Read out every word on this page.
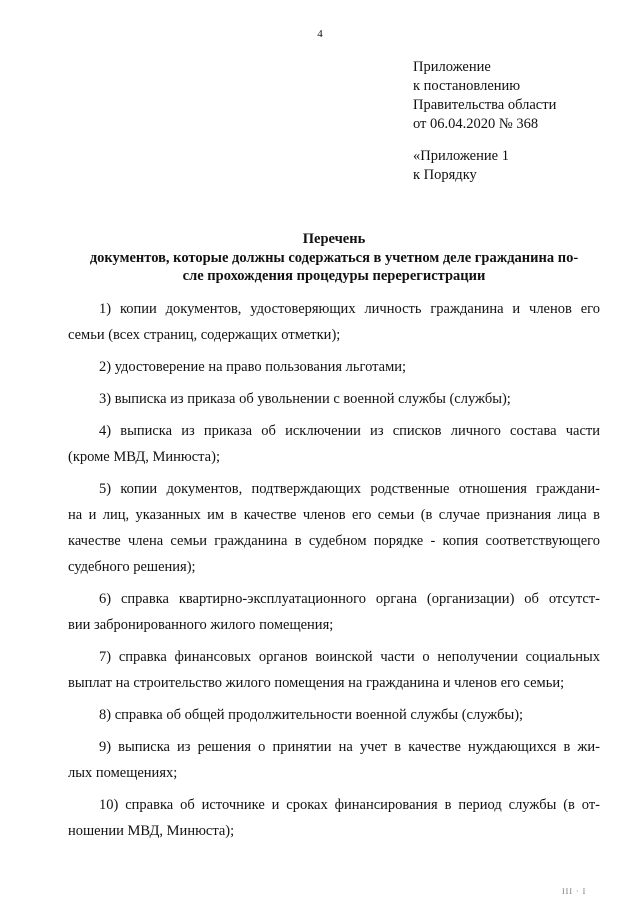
4
Приложение
к постановлению
Правительства области
от 06.04.2020 № 368
«Приложение 1
к Порядку
Перечень
документов, которые должны содержаться в учетном деле гражданина по-
сле прохождения процедуры перерегистрации
1) копии документов, удостоверяющих личность гражданина и членов его
семьи (всех страниц, содержащих отметки);
2) удостоверение на право пользования льготами;
3) выписка из приказа об увольнении с военной службы (службы);
4) выписка из приказа об исключении из списков личного состава части
(кроме МВД, Минюста);
5) копии документов, подтверждающих родственные отношения граждани-
на и лиц, указанных им в качестве членов его семьи (в случае признания лица в
качестве члена семьи гражданина в судебном порядке - копия соответствующего
судебного решения);
6) справка квартирно-эксплуатационного органа (организации) об отсутст-
вии забронированного жилого помещения;
7) справка финансовых органов воинской части о неполучении социальных
выплат на строительство жилого помещения на гражданина и членов его семьи;
8) справка об общей продолжительности военной службы (службы);
9) выписка из решения о принятии на учет в качестве нуждающихся в жи-
лых помещениях;
10) справка об источнике и сроках финансирования в период службы (в от-
ношении МВД, Минюста);
ІІІ · І
